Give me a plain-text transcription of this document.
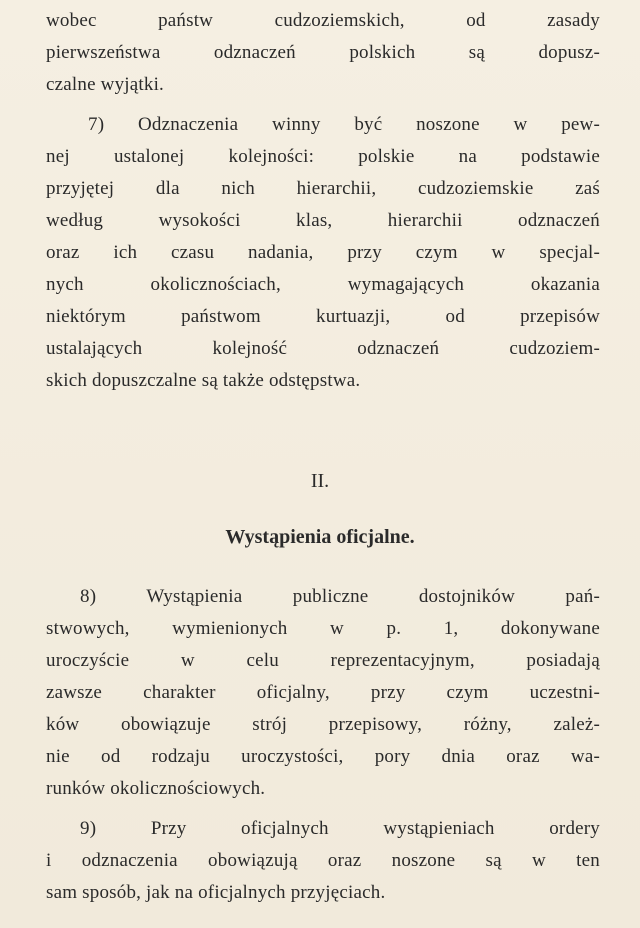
wobec państw cudzoziemskich, od zasady
pierwszeństwa odznaczeń polskich są dopusz-
czalne wyjątki.
7) Odznaczenia winny być noszone w pew-
nej ustalonej kolejności: polskie na podstawie
przyjętej dla nich hierarchii, cudzoziemskie zaś
według wysokości klas, hierarchii odznaczeń
oraz ich czasu nadania, przy czym w specjal-
nych okolicznościach, wymagających okazania
niektórym państwom kurtuazji, od przepisów
ustalających kolejność odznaczeń cudzoziem-
skich dopuszczalne są także odstępstwa.
II.
Wystąpienia oficjalne.
8) Wystąpienia publiczne dostojników pań-
stwowych, wymienionych w p. 1, dokonywane
uroczyście w celu reprezentacyjnym, posiadają
zawsze charakter oficjalny, przy czym uczestni-
ków obowiązuje strój przepisowy, różny, zależ-
nie od rodzaju uroczystości, pory dnia oraz wa-
runków okolicznościowych.
9) Przy oficjalnych wystąpieniach ordery
i odznaczenia obowiązują oraz noszone są w ten
sam sposób, jak na oficjalnych przyjęciach.
